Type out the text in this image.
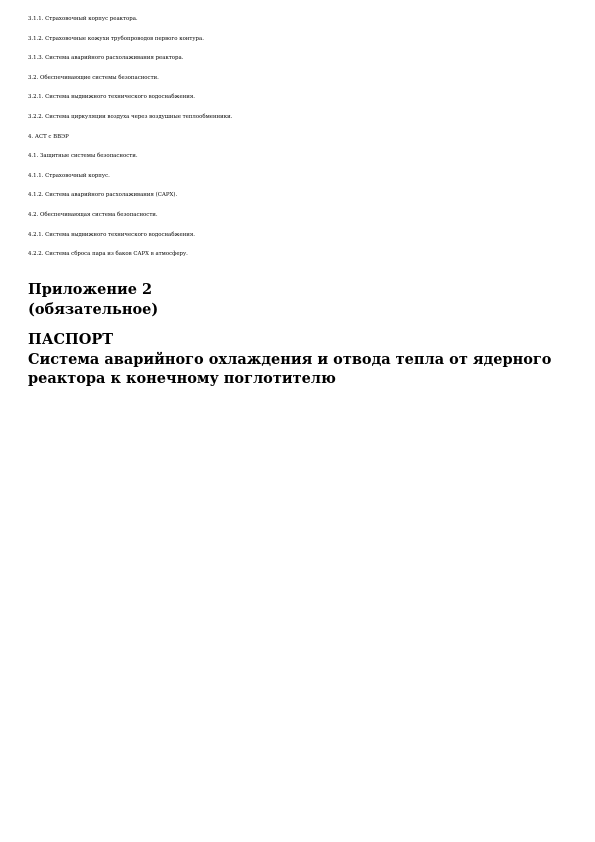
3.1.1. Страховочный корпус реактора.
3.1.2. Страховочные кожухи трубопроводов первого контура.
3.1.3. Система аварийного расхолаживания реактора.
3.2. Обеспечивающие системы безопасности.
3.2.1. Система выдвижного технического водоснабжения.
3.2.2. Система циркуляции воздуха через воздушные теплообменники.
4. АСТ с ВВЭР
4.1. Защитные системы безопасности.
4.1.1. Страховочный корпус.
4.1.2. Система аварийного расхолаживания (САРХ).
4.2. Обеспечивающая система безопасности.
4.2.1. Система выдвижного технического водоснабжения.
4.2.2. Система сброса пара из баков САРХ в атмосферу.
Приложение 2
(обязательное)
ПАСПОРТ
Система аварийного охлаждения и отвода тепла от ядерного
реактора к конечному поглотителю
